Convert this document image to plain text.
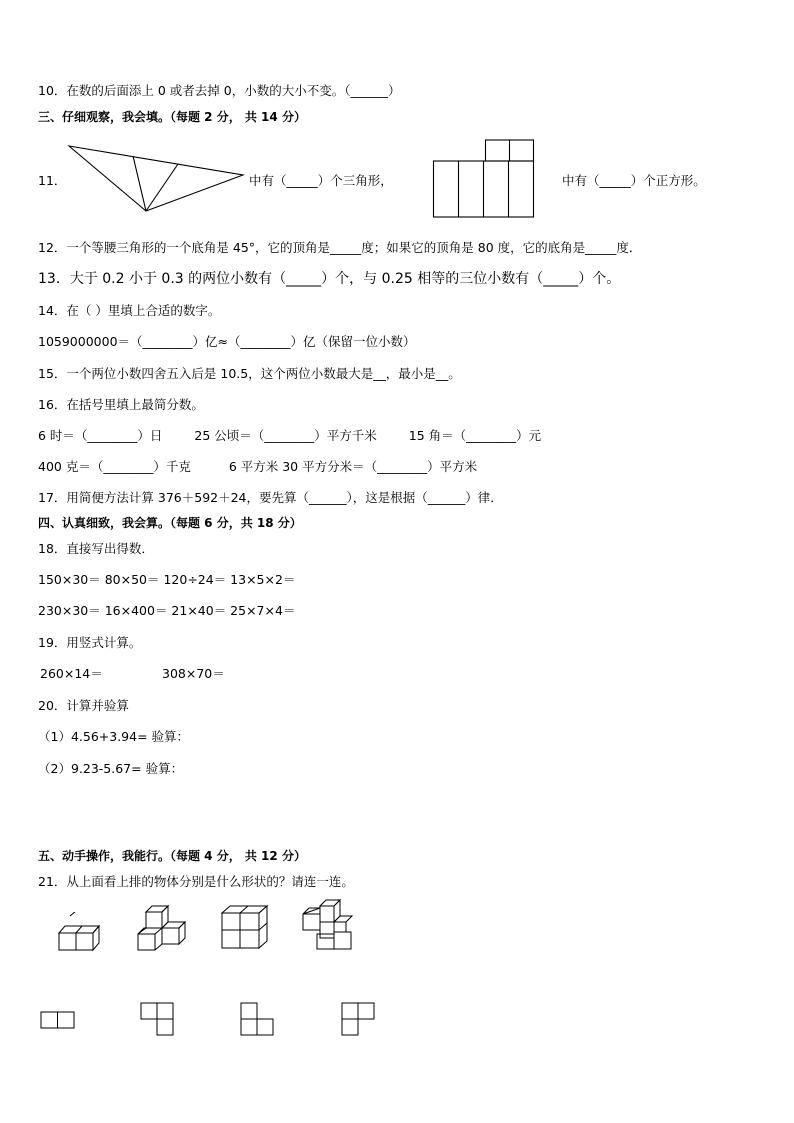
10．在数的后面添上 0 或者去掉 0，小数的大小不变。（______）
三、仔细观察，我会填。（每题 2 分， 共 14 分）
11．	中有（_____）个三角形，	中有（_____）个正方形。
12．一个等腰三角形的一个底角是 45°，它的顶角是_____度；如果它的顶角是 80 度，它的底角是_____度．
13．大于 0.2 小于 0.3 的两位小数有（_____）个，与 0.25 相等的三位小数有（_____）个。
14．在（ ）里填上合适的数字。
1059000000＝（________）亿≈（________）亿（保留一位小数）
15．一个两位小数四舍五入后是 10.5，这个两位小数最大是__，最小是__。
16．在括号里填上最简分数。
6 时＝（________）日	25 公顷＝（________）平方千米	15 角＝（________）元
400 克＝（________）千克	6 平方米 30 平方分米＝（________）平方米
17．用简便方法计算 376＋592＋24，要先算（______），这是根据（______）律．
四、认真细致，我会算。（每题 6 分，共 18 分）
18．直接写出得数．
150×30＝ 80×50＝ 120÷24＝ 13×5×2＝
230×30＝ 16×400＝ 21×40＝ 25×7×4＝
19．用竖式计算。
260×14＝	308×70＝
20．计算并验算
（1）4.56+3.94= 验算：
（2）9.23-5.67= 验算：
五、动手操作，我能行。（每题 4 分， 共 12 分）
21．从上面看上排的物体分别是什么形状的？请连一连。
